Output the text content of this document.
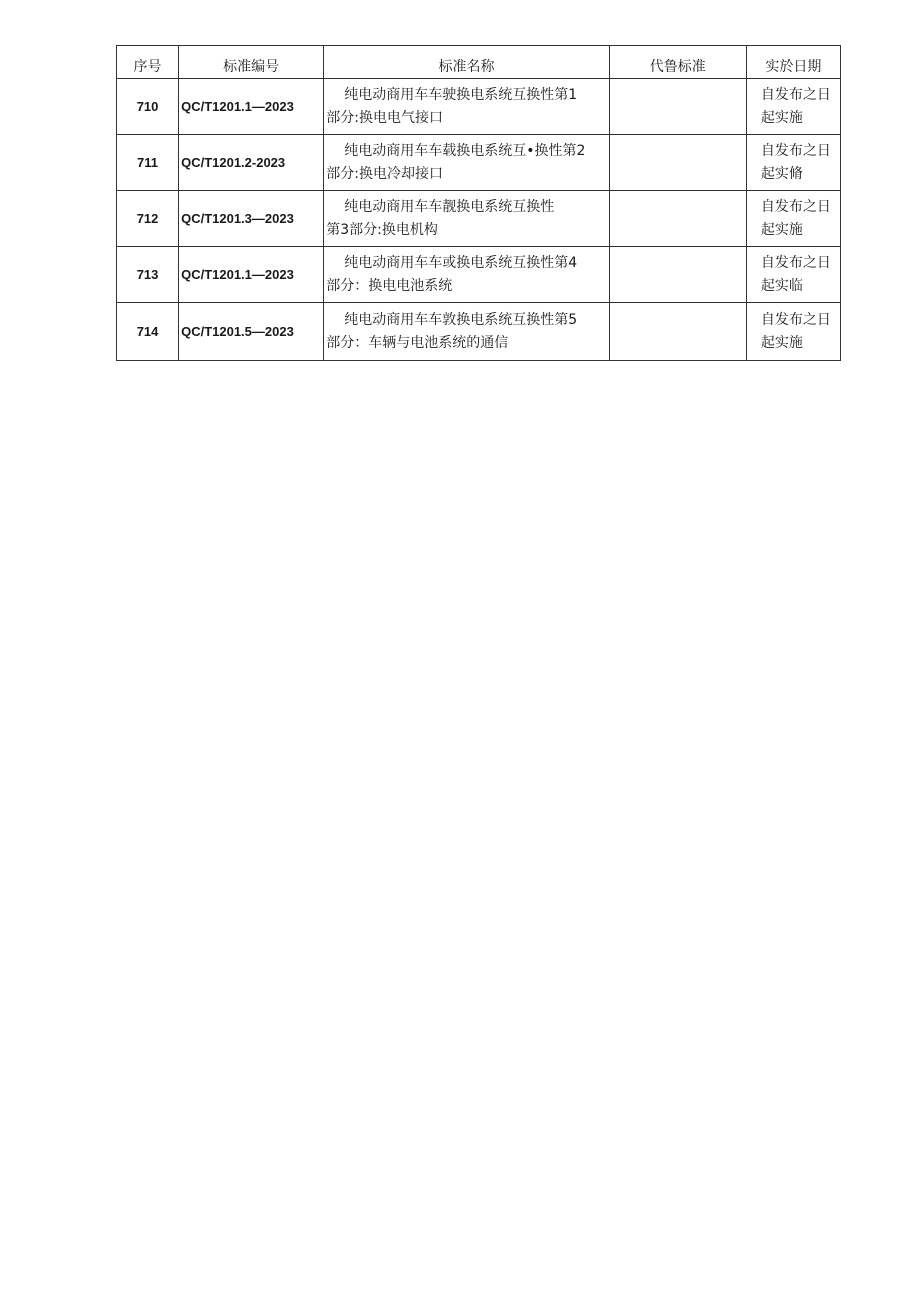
序号	标准编号	标准名称	代鲁标准	实於日期
710	QC/T1201.1—2023	纯电动商用车车驶换电系统互换性第1
部分:换电电气接口		自发布之日
起实施

711	QC/T1201.2-2023	纯电动商用车车载换电系统互•换性第2
部分:换电冷却接口		自发布之日
起实脩

712	QC/T1201.3—2023	纯电动商用车车靓换电系统互换性
第3部分:换电机构		自发布之日
起实施

713	QC/T1201.1—2023	纯电动商用车车或换电系统互换性第4
部分：换电电池系统		自发布之日
起实临

714	QC/T1201.5—2023	纯电动商用车车敦换电系统互换性第5
部分：车辆与电池系统的通信		自发布之日
起实施
